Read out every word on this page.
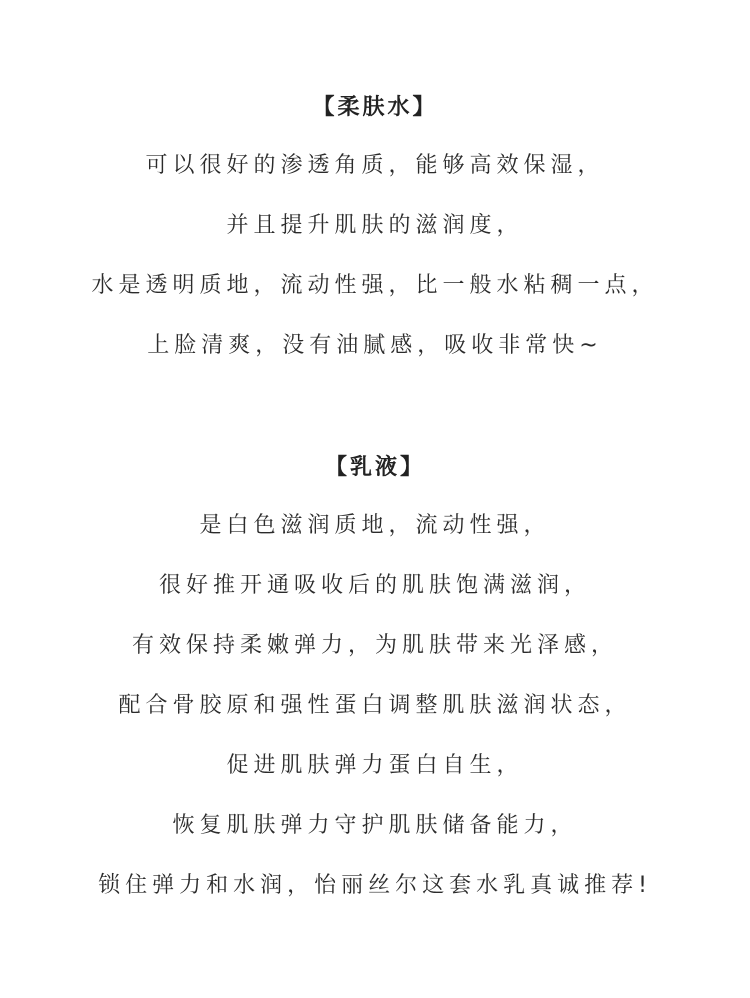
【柔肤水】
可以很好的渗透角质，能够高效保湿，
并且提升肌肤的滋润度，
水是透明质地，流动性强，比一般水粘稠一点，
上脸清爽，没有油腻感，吸收非常快~
【乳液】
是白色滋润质地，流动性强，
很好推开通吸收后的肌肤饱满滋润，
有效保持柔嫩弹力，为肌肤带来光泽感，
配合骨胶原和强性蛋白调整肌肤滋润状态，
促进肌肤弹力蛋白自生，
恢复肌肤弹力守护肌肤储备能力，
锁住弹力和水润，怡丽丝尔这套水乳真诚推荐!
